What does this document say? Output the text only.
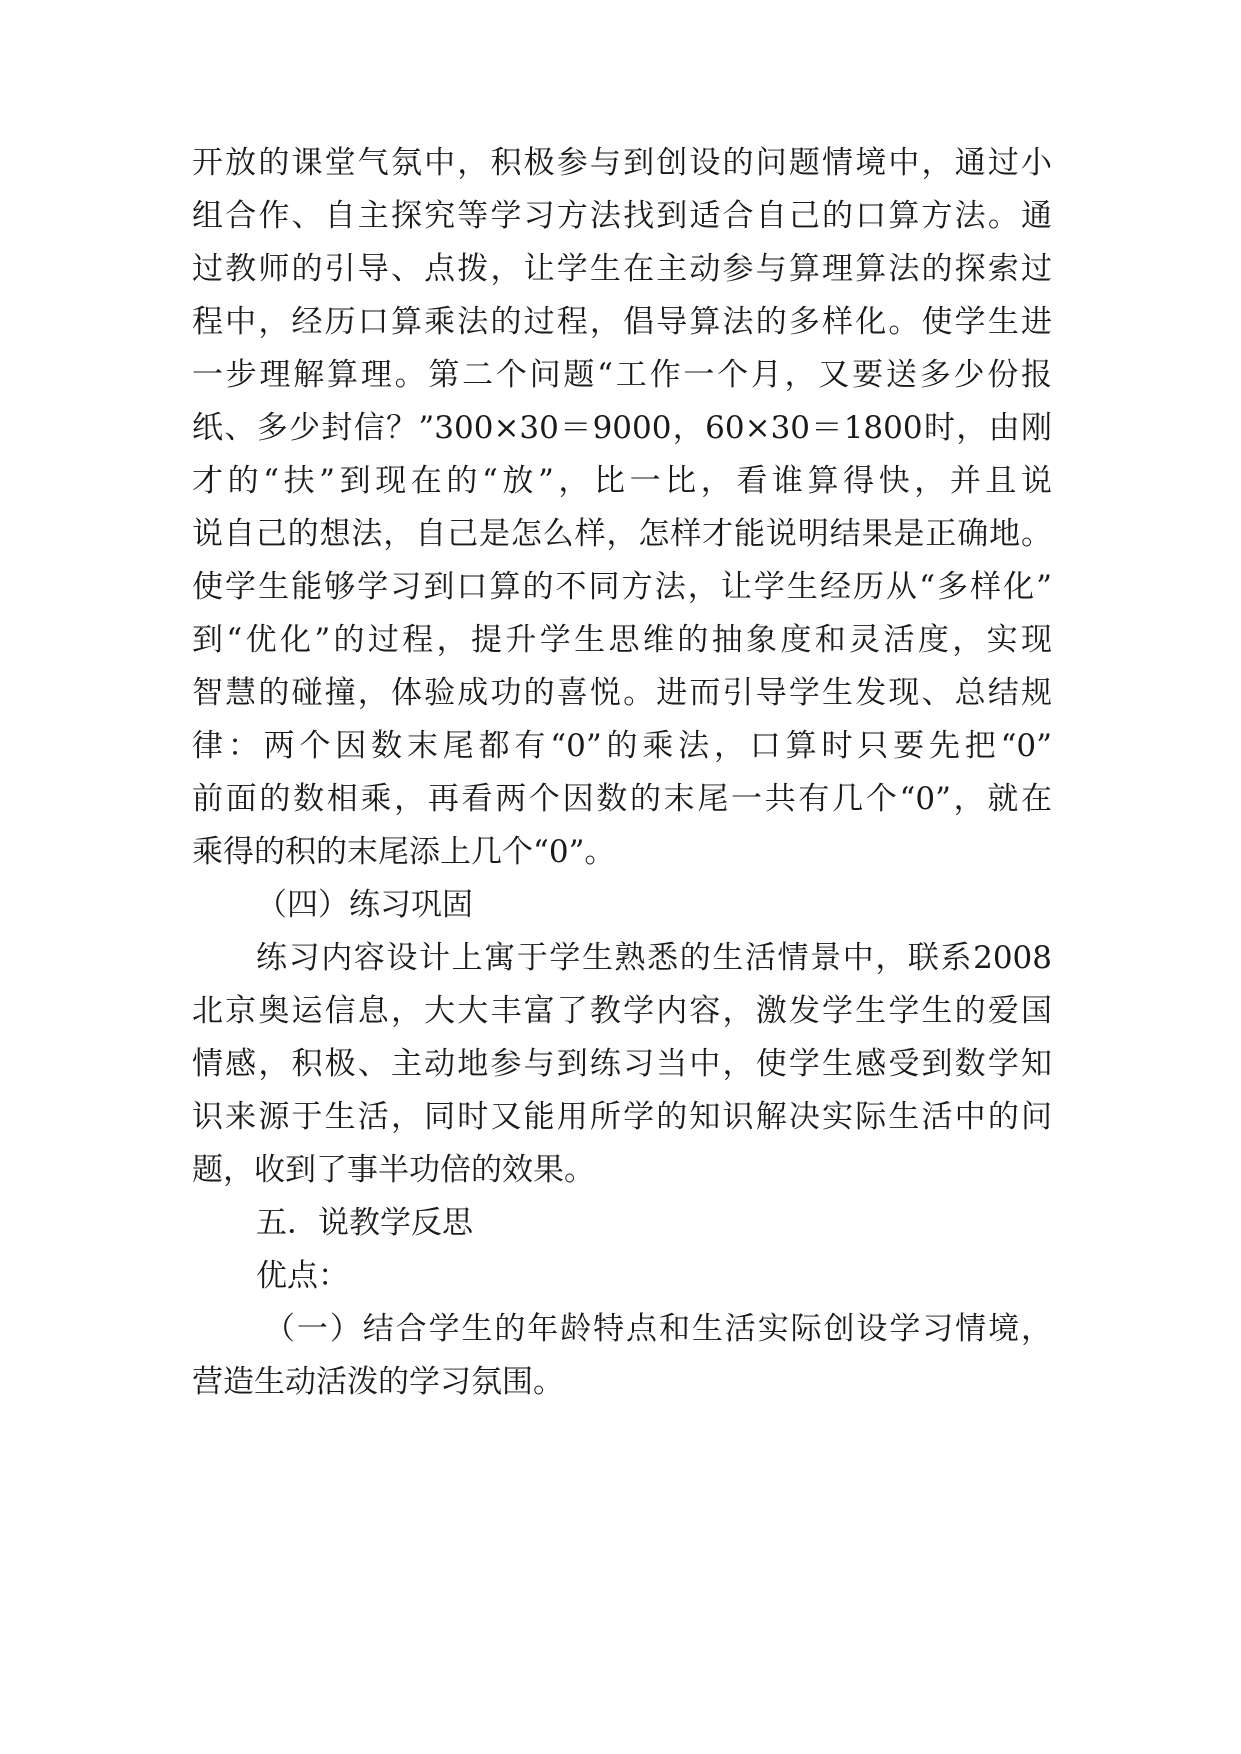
开放的课堂气氛中，积极参与到创设的问题情境中，通过小
组合作、自主探究等学习方法找到适合自己的口算方法。通
过教师的引导、点拨，让学生在主动参与算理算法的探索过
程中，经历口算乘法的过程，倡导算法的多样化。使学生进
一步理解算理。第二个问题“工作一个月，又要送多少份报
纸、多少封信？”300×30＝9000，60×30＝1800时，由刚
才的“扶”到现在的“放”，比一比，看谁算得快，并且说
说自己的想法，自己是怎么样，怎样才能说明结果是正确地。
使学生能够学习到口算的不同方法，让学生经历从“多样化”
到“优化”的过程，提升学生思维的抽象度和灵活度，实现
智慧的碰撞，体验成功的喜悦。进而引导学生发现、总结规
律：两个因数末尾都有“0”的乘法，口算时只要先把“0”
前面的数相乘，再看两个因数的末尾一共有几个“0”，就在
乘得的积的末尾添上几个“0”。
（四）练习巩固
练习内容设计上寓于学生熟悉的生活情景中，联系2008
北京奥运信息，大大丰富了教学内容，激发学生学生的爱国
情感，积极、主动地参与到练习当中，使学生感受到数学知
识来源于生活，同时又能用所学的知识解决实际生活中的问
题，收到了事半功倍的效果。
五．说教学反思
优点：
（一）结合学生的年龄特点和生活实际创设学习情境，
营造生动活泼的学习氛围。
